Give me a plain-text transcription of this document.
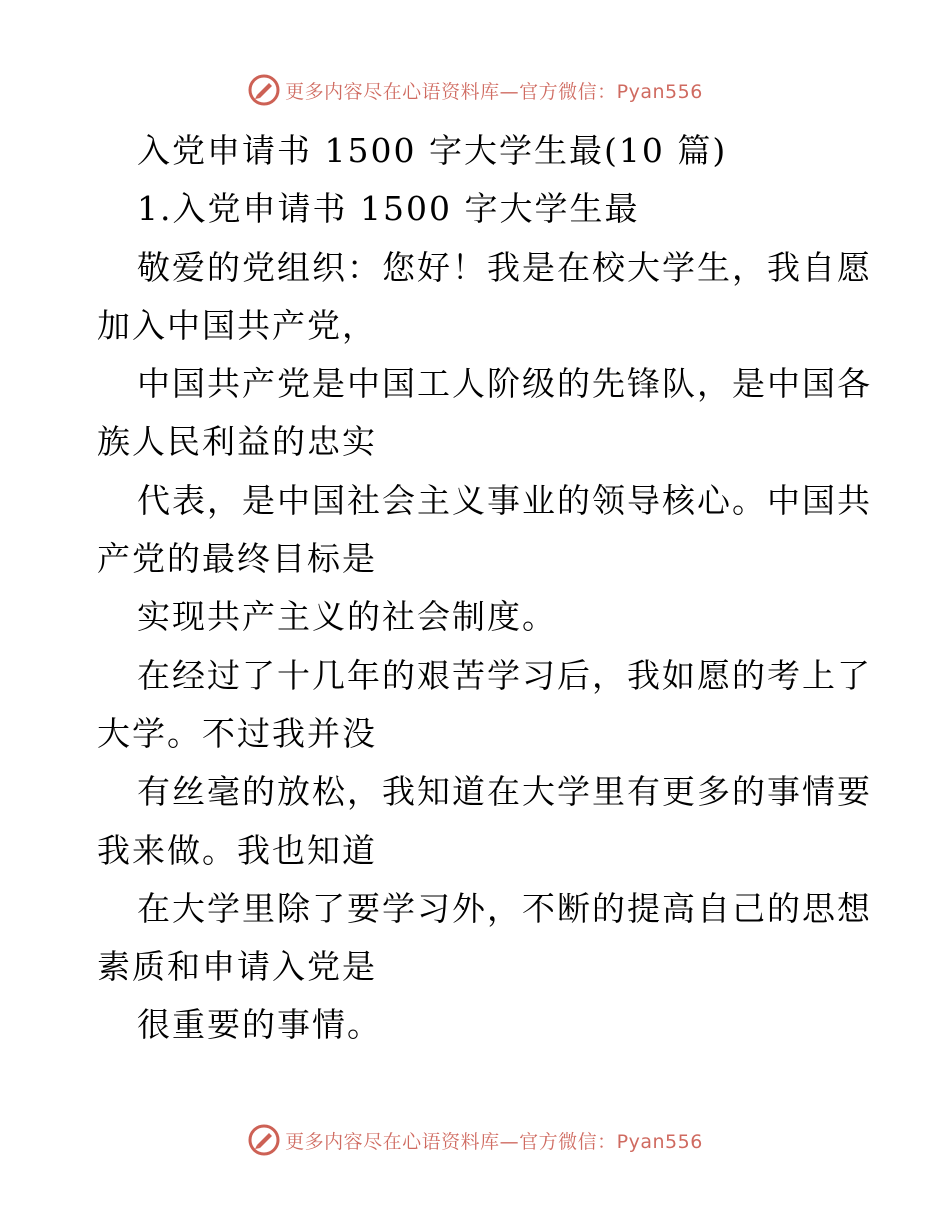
更多内容尽在心语资料库—官方微信：Pyan556
入党申请书 1500 字大学生最(10 篇)
1.入党申请书 1500 字大学生最
敬爱的党组织：您好！我是在校大学生，我自愿
加入中国共产党，
中国共产党是中国工人阶级的先锋队，是中国各
族人民利益的忠实
代表，是中国社会主义事业的领导核心。中国共
产党的最终目标是
实现共产主义的社会制度。
在经过了十几年的艰苦学习后，我如愿的考上了
大学。不过我并没
有丝毫的放松，我知道在大学里有更多的事情要
我来做。我也知道
在大学里除了要学习外，不断的提高自己的思想
素质和申请入党是
很重要的事情。
更多内容尽在心语资料库—官方微信：Pyan556
